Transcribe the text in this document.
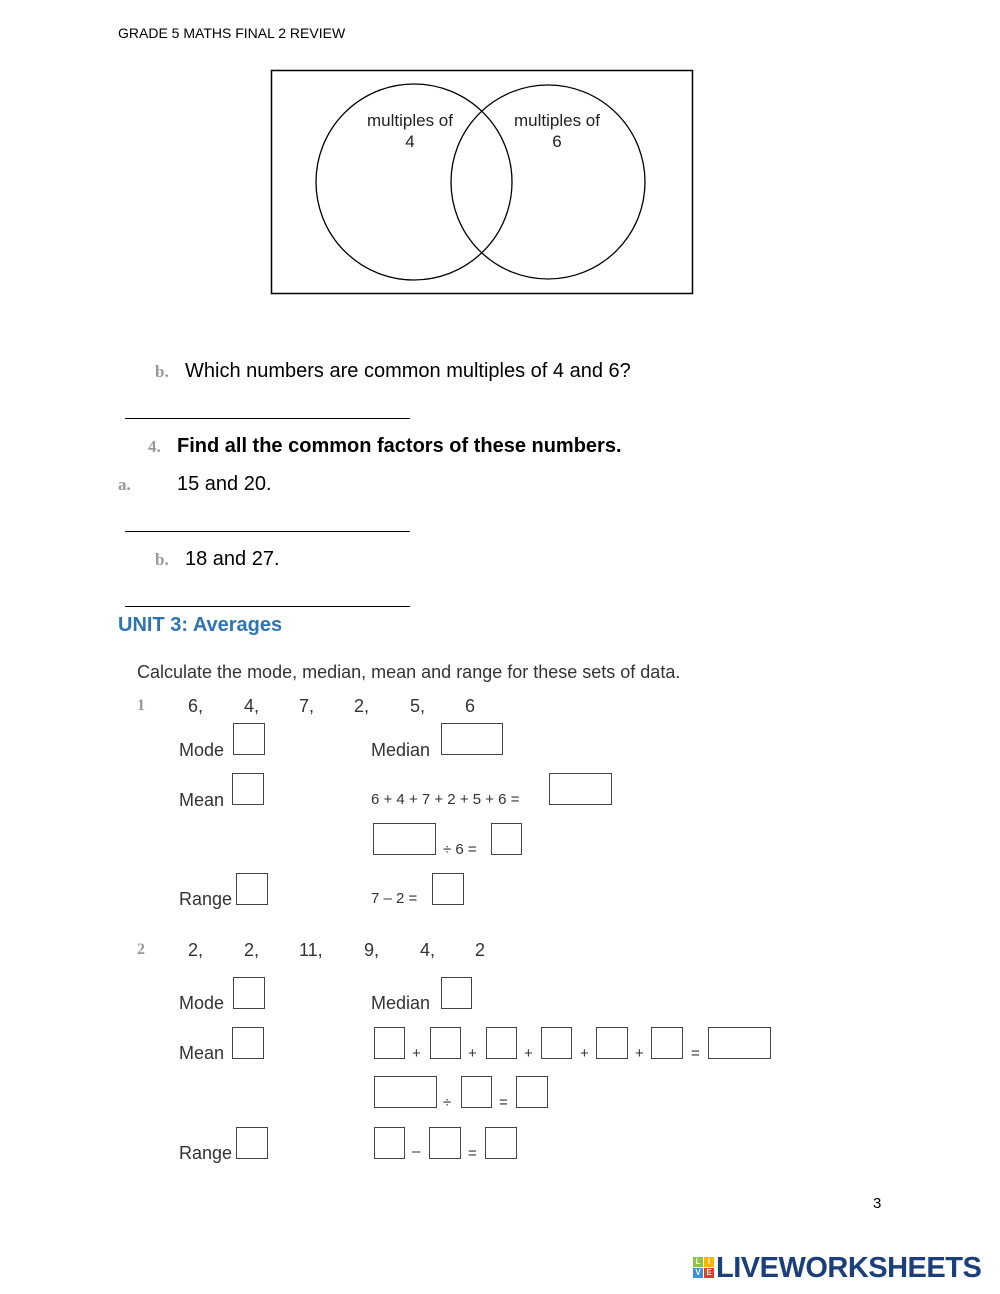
GRADE 5 MATHS FINAL 2 REVIEW
multiples of
4
multiples of
6
b. Which numbers are common multiples of 4 and 6?
4. Find all the common factors of these numbers.
a. 15 and 20.
b. 18 and 27.
UNIT 3: Averages
Calculate the mode, median, mean and range for these sets of data.
1 6, 4, 7, 2, 5, 6
Mode	Median
Mean	6 + 4 + 7 + 2 + 5 + 6 =
÷ 6 =
Range	7 – 2 =
2 2, 2, 11, 9, 4, 2
Mode	Median
Mean	+	+	+	+	+	=
÷	=
Range	–	=
3
L I
V E LIVEWORKSHEETS
